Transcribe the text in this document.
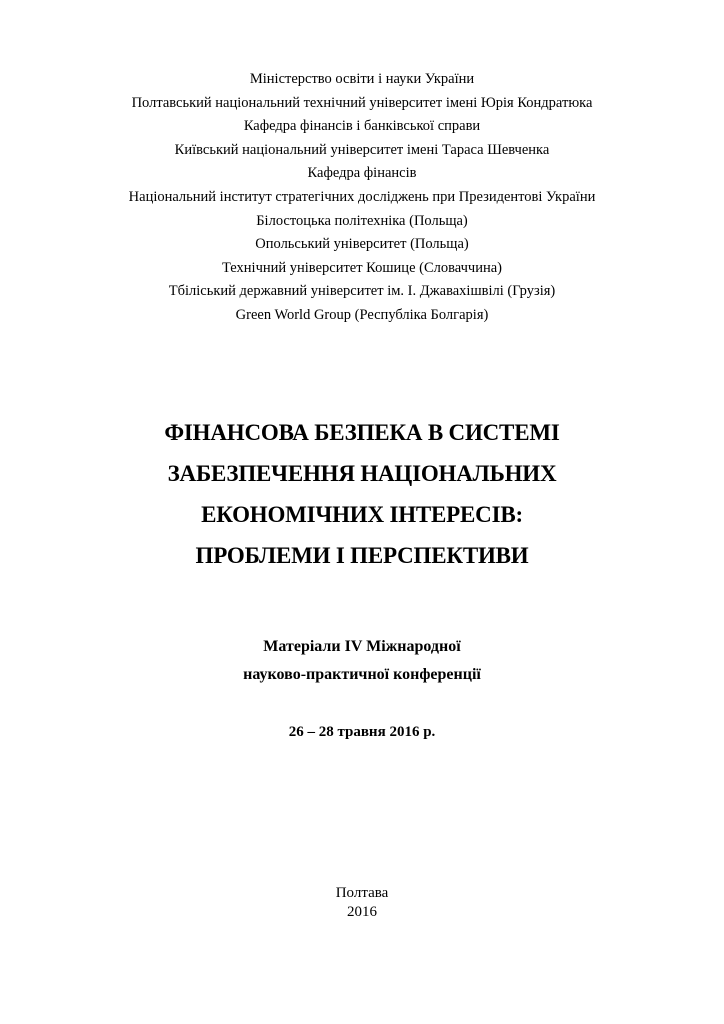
Міністерство освіти і науки України
Полтавський національний технічний університет імені Юрія Кондратюка
Кафедра фінансів і банківської справи
Київський національний університет імені Тараса Шевченка
Кафедра фінансів
Національний інститут стратегічних досліджень при Президентові України
Білостоцька політехніка (Польща)
Опольський університет (Польща)
Технічний університет Кошице (Словаччина)
Тбіліський державний університет ім. І. Джавахішвілі (Грузія)
Green World Group (Республіка Болгарія)
ФІНАНСОВА БЕЗПЕКА В СИСТЕМІ
ЗАБЕЗПЕЧЕННЯ НАЦІОНАЛЬНИХ
ЕКОНОМІЧНИХ ІНТЕРЕСІВ:
ПРОБЛЕМИ І ПЕРСПЕКТИВИ
Матеріали IV Міжнародної
науково-практичної конференції
26 – 28 травня 2016 р.
Полтава
2016
